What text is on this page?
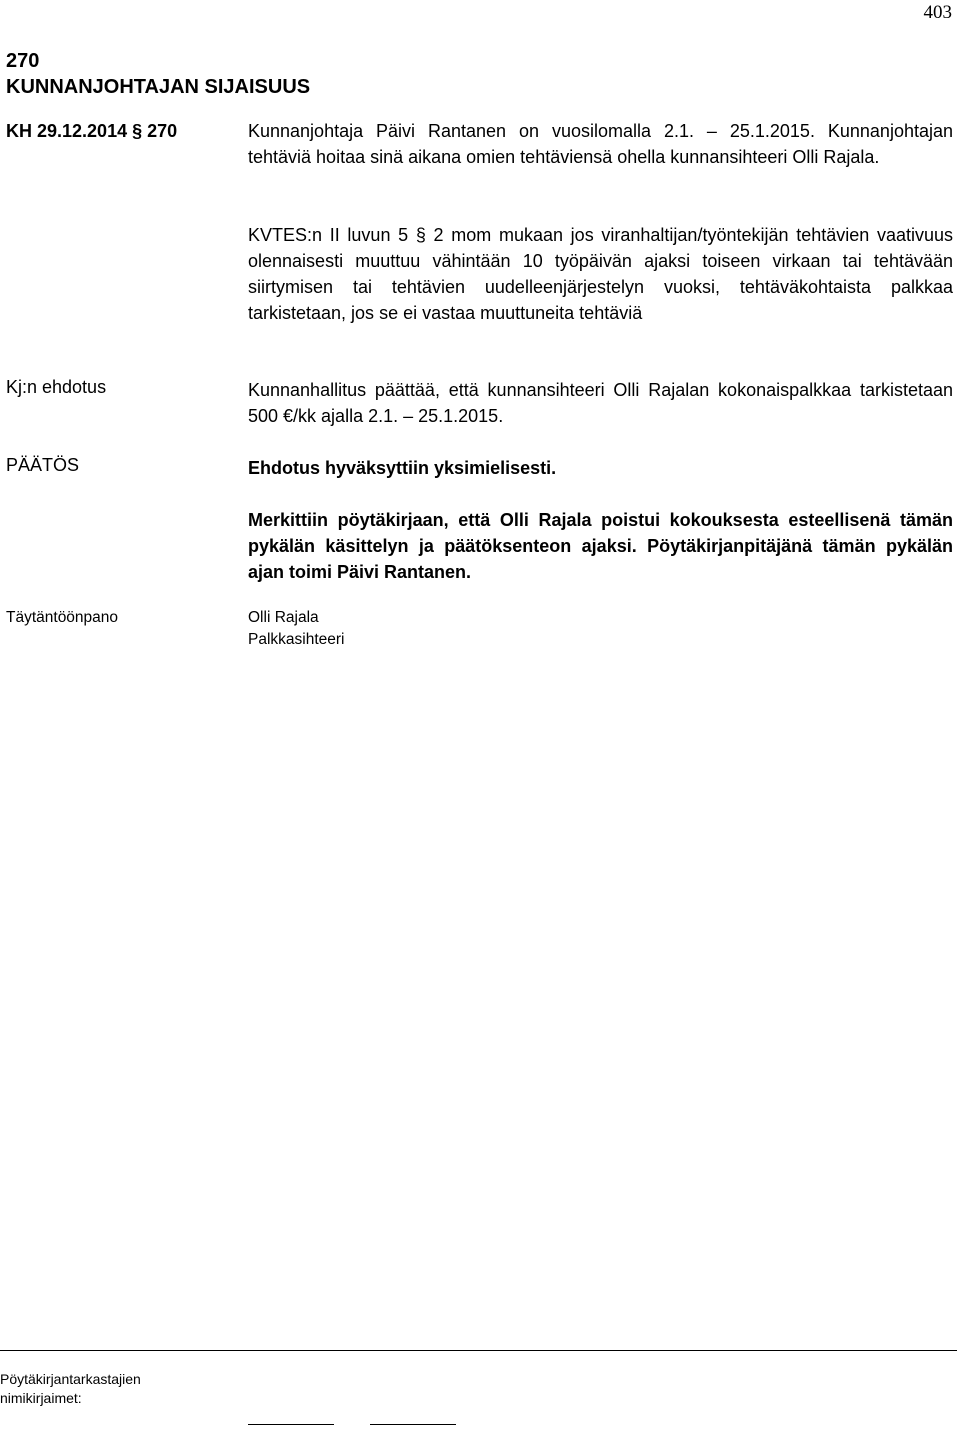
403
270
KUNNANJOHTAJAN SIJAISUUS
KH 29.12.2014 § 270	Kunnanjohtaja Päivi Rantanen on vuosilomalla 2.1. – 25.1.2015. Kunnanjohtajan tehtäviä hoitaa sinä aikana omien tehtäviensä ohella kunnansihteeri Olli Rajala.
KVTES:n II luvun 5 § 2 mom mukaan jos viranhaltijan/työntekijän tehtävien vaativuus olennaisesti muuttuu vähintään 10 työpäivän ajaksi toiseen virkaan tai tehtävään siirtymisen tai tehtävien uudelleenjärjestelyn vuoksi, tehtäväkohtaista palkkaa tarkistetaan, jos se ei vastaa muuttuneita tehtäviä
Kj:n ehdotus	Kunnanhallitus päättää, että kunnansihteeri Olli Rajalan kokonaispalkkaa tarkistetaan 500 €/kk ajalla 2.1. – 25.1.2015.
PÄÄTÖS	Ehdotus hyväksyttiin yksimielisesti.
Merkittiin pöytäkirjaan, että Olli Rajala poistui kokouksesta esteellisenä tämän pykälän käsittelyn ja päätöksenteon ajaksi. Pöytäkirjanpitäjänä tämän pykälän ajan toimi Päivi Rantanen.
Täytäntöönpano	Olli Rajala
Palkkasihteeri
Pöytäkirjantarkastajien
nimikirjaimet:
